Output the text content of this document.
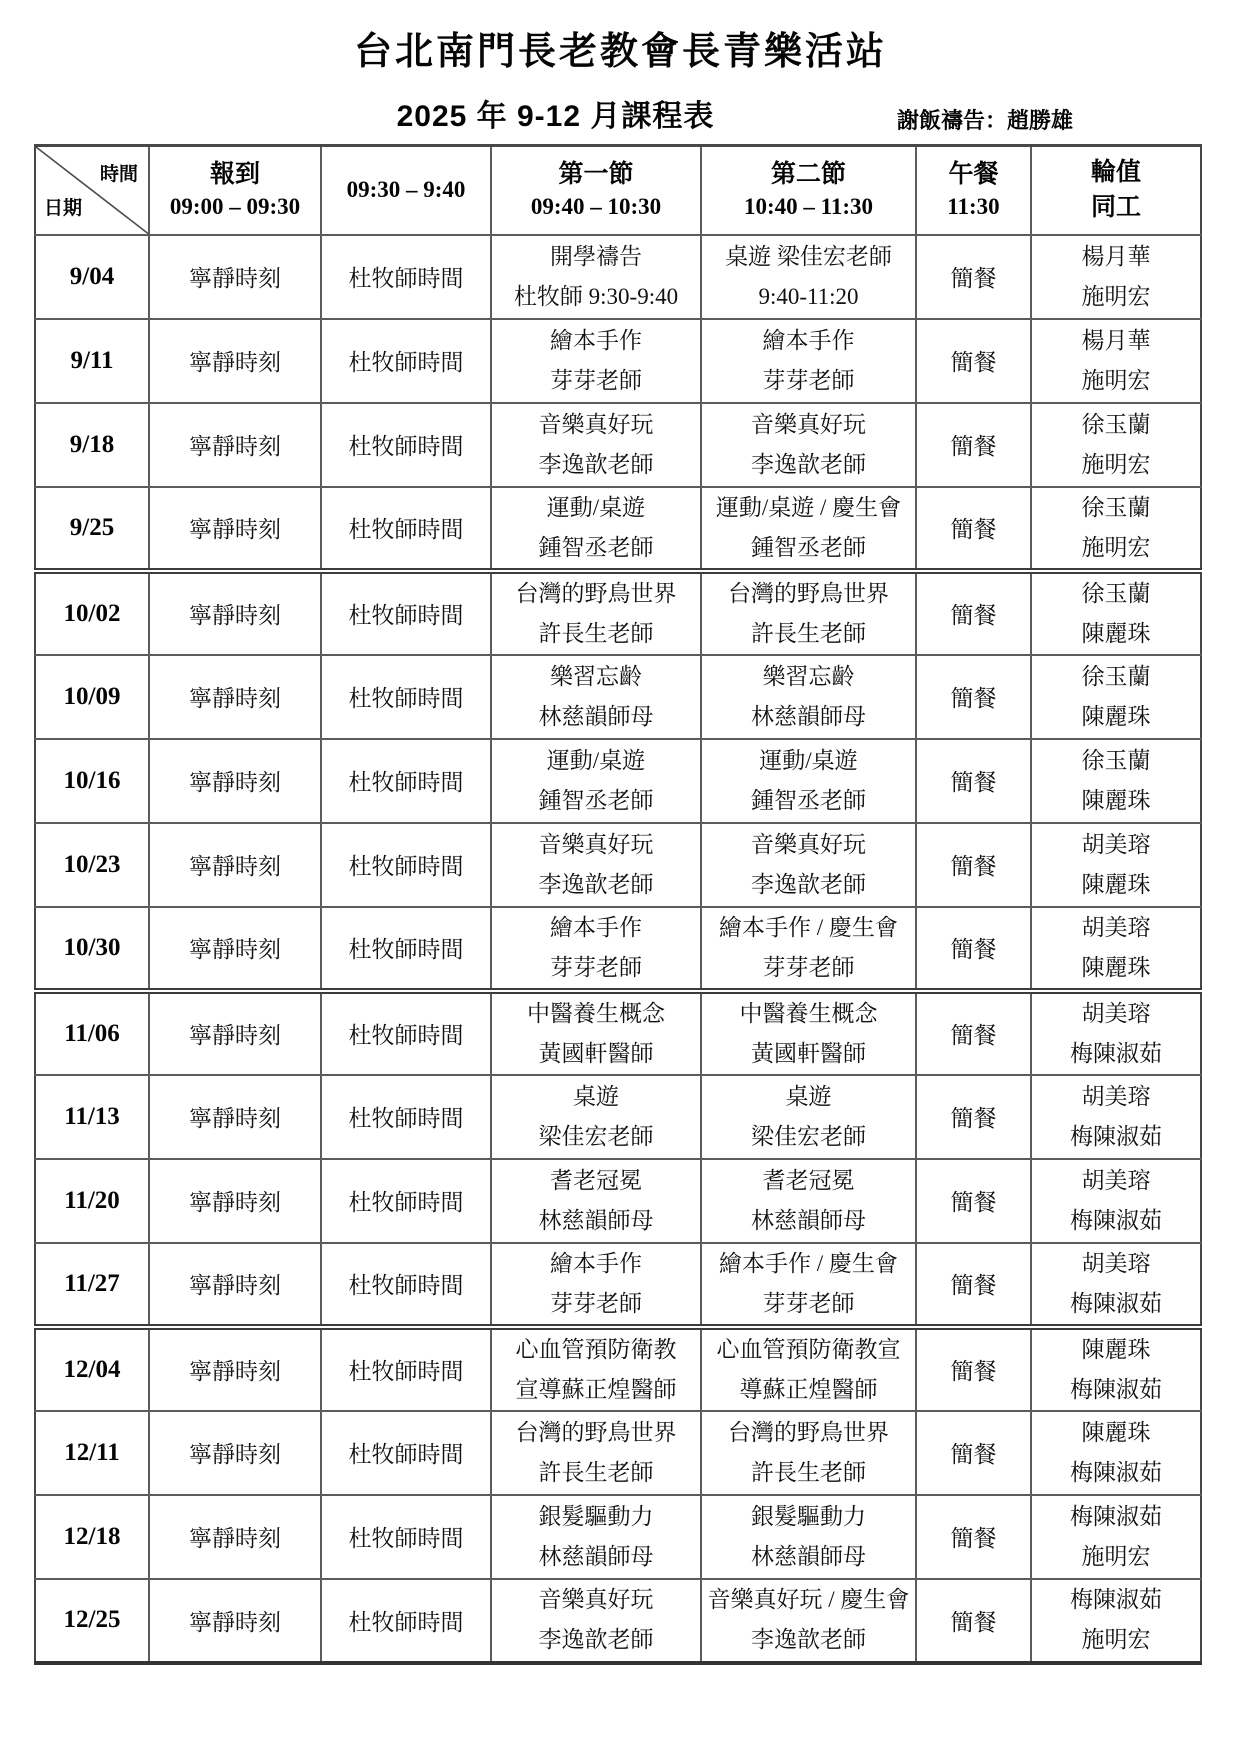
台北南門長老教會長青樂活站
2025 年 9-12 月課程表	謝飯禱告：趙勝雄
時間
日期

報到
09:00 – 09:30

09:30 – 9:40

第一節
09:40 – 10:30

第二節
10:40 – 11:30

午餐
11:30

輪值
同工

9/04	寧靜時刻	杜牧師時間

開學禱告
杜牧師 9:30-9:40

桌遊 梁佳宏老師
9:40-11:20

簡餐

楊月華
施明宏

9/11	寧靜時刻	杜牧師時間

繪本手作
芽芽老師

繪本手作
芽芽老師

簡餐

楊月華
施明宏

9/18	寧靜時刻	杜牧師時間

音樂真好玩
李逸歆老師

音樂真好玩
李逸歆老師

簡餐

徐玉蘭
施明宏

9/25	寧靜時刻	杜牧師時間

運動/桌遊
鍾智丞老師

運動/桌遊 / 慶生會
鍾智丞老師

簡餐

徐玉蘭
施明宏

10/02	寧靜時刻	杜牧師時間

台灣的野鳥世界
許長生老師

台灣的野鳥世界
許長生老師

簡餐

徐玉蘭
陳麗珠

10/09	寧靜時刻	杜牧師時間

樂習忘齡
林慈韻師母

樂習忘齡
林慈韻師母

簡餐

徐玉蘭
陳麗珠

10/16	寧靜時刻	杜牧師時間

運動/桌遊
鍾智丞老師

運動/桌遊
鍾智丞老師

簡餐

徐玉蘭
陳麗珠

10/23	寧靜時刻	杜牧師時間

音樂真好玩
李逸歆老師

音樂真好玩
李逸歆老師

簡餐

胡美瑢
陳麗珠

10/30	寧靜時刻	杜牧師時間

繪本手作
芽芽老師

繪本手作 / 慶生會
芽芽老師

簡餐

胡美瑢
陳麗珠

11/06	寧靜時刻	杜牧師時間

中醫養生概念
黃國軒醫師

中醫養生概念
黃國軒醫師

簡餐

胡美瑢
梅陳淑茹

11/13	寧靜時刻	杜牧師時間

桌遊
梁佳宏老師

桌遊
梁佳宏老師

簡餐

胡美瑢
梅陳淑茹

11/20	寧靜時刻	杜牧師時間

耆老冠冕
林慈韻師母

耆老冠冕
林慈韻師母

簡餐

胡美瑢
梅陳淑茹

11/27	寧靜時刻	杜牧師時間

繪本手作
芽芽老師

繪本手作 / 慶生會
芽芽老師

簡餐

胡美瑢
梅陳淑茹

12/04	寧靜時刻	杜牧師時間

心血管預防衛教
宣導蘇正煌醫師

心血管預防衛教宣
導蘇正煌醫師

簡餐

陳麗珠
梅陳淑茹

12/11	寧靜時刻	杜牧師時間

台灣的野鳥世界
許長生老師

台灣的野鳥世界
許長生老師

簡餐

陳麗珠
梅陳淑茹

12/18	寧靜時刻	杜牧師時間

銀髮驅動力
林慈韻師母

銀髮驅動力
林慈韻師母

簡餐

梅陳淑茹
施明宏

12/25	寧靜時刻	杜牧師時間

音樂真好玩
李逸歆老師

音樂真好玩 / 慶生會
李逸歆老師

簡餐

梅陳淑茹
施明宏
